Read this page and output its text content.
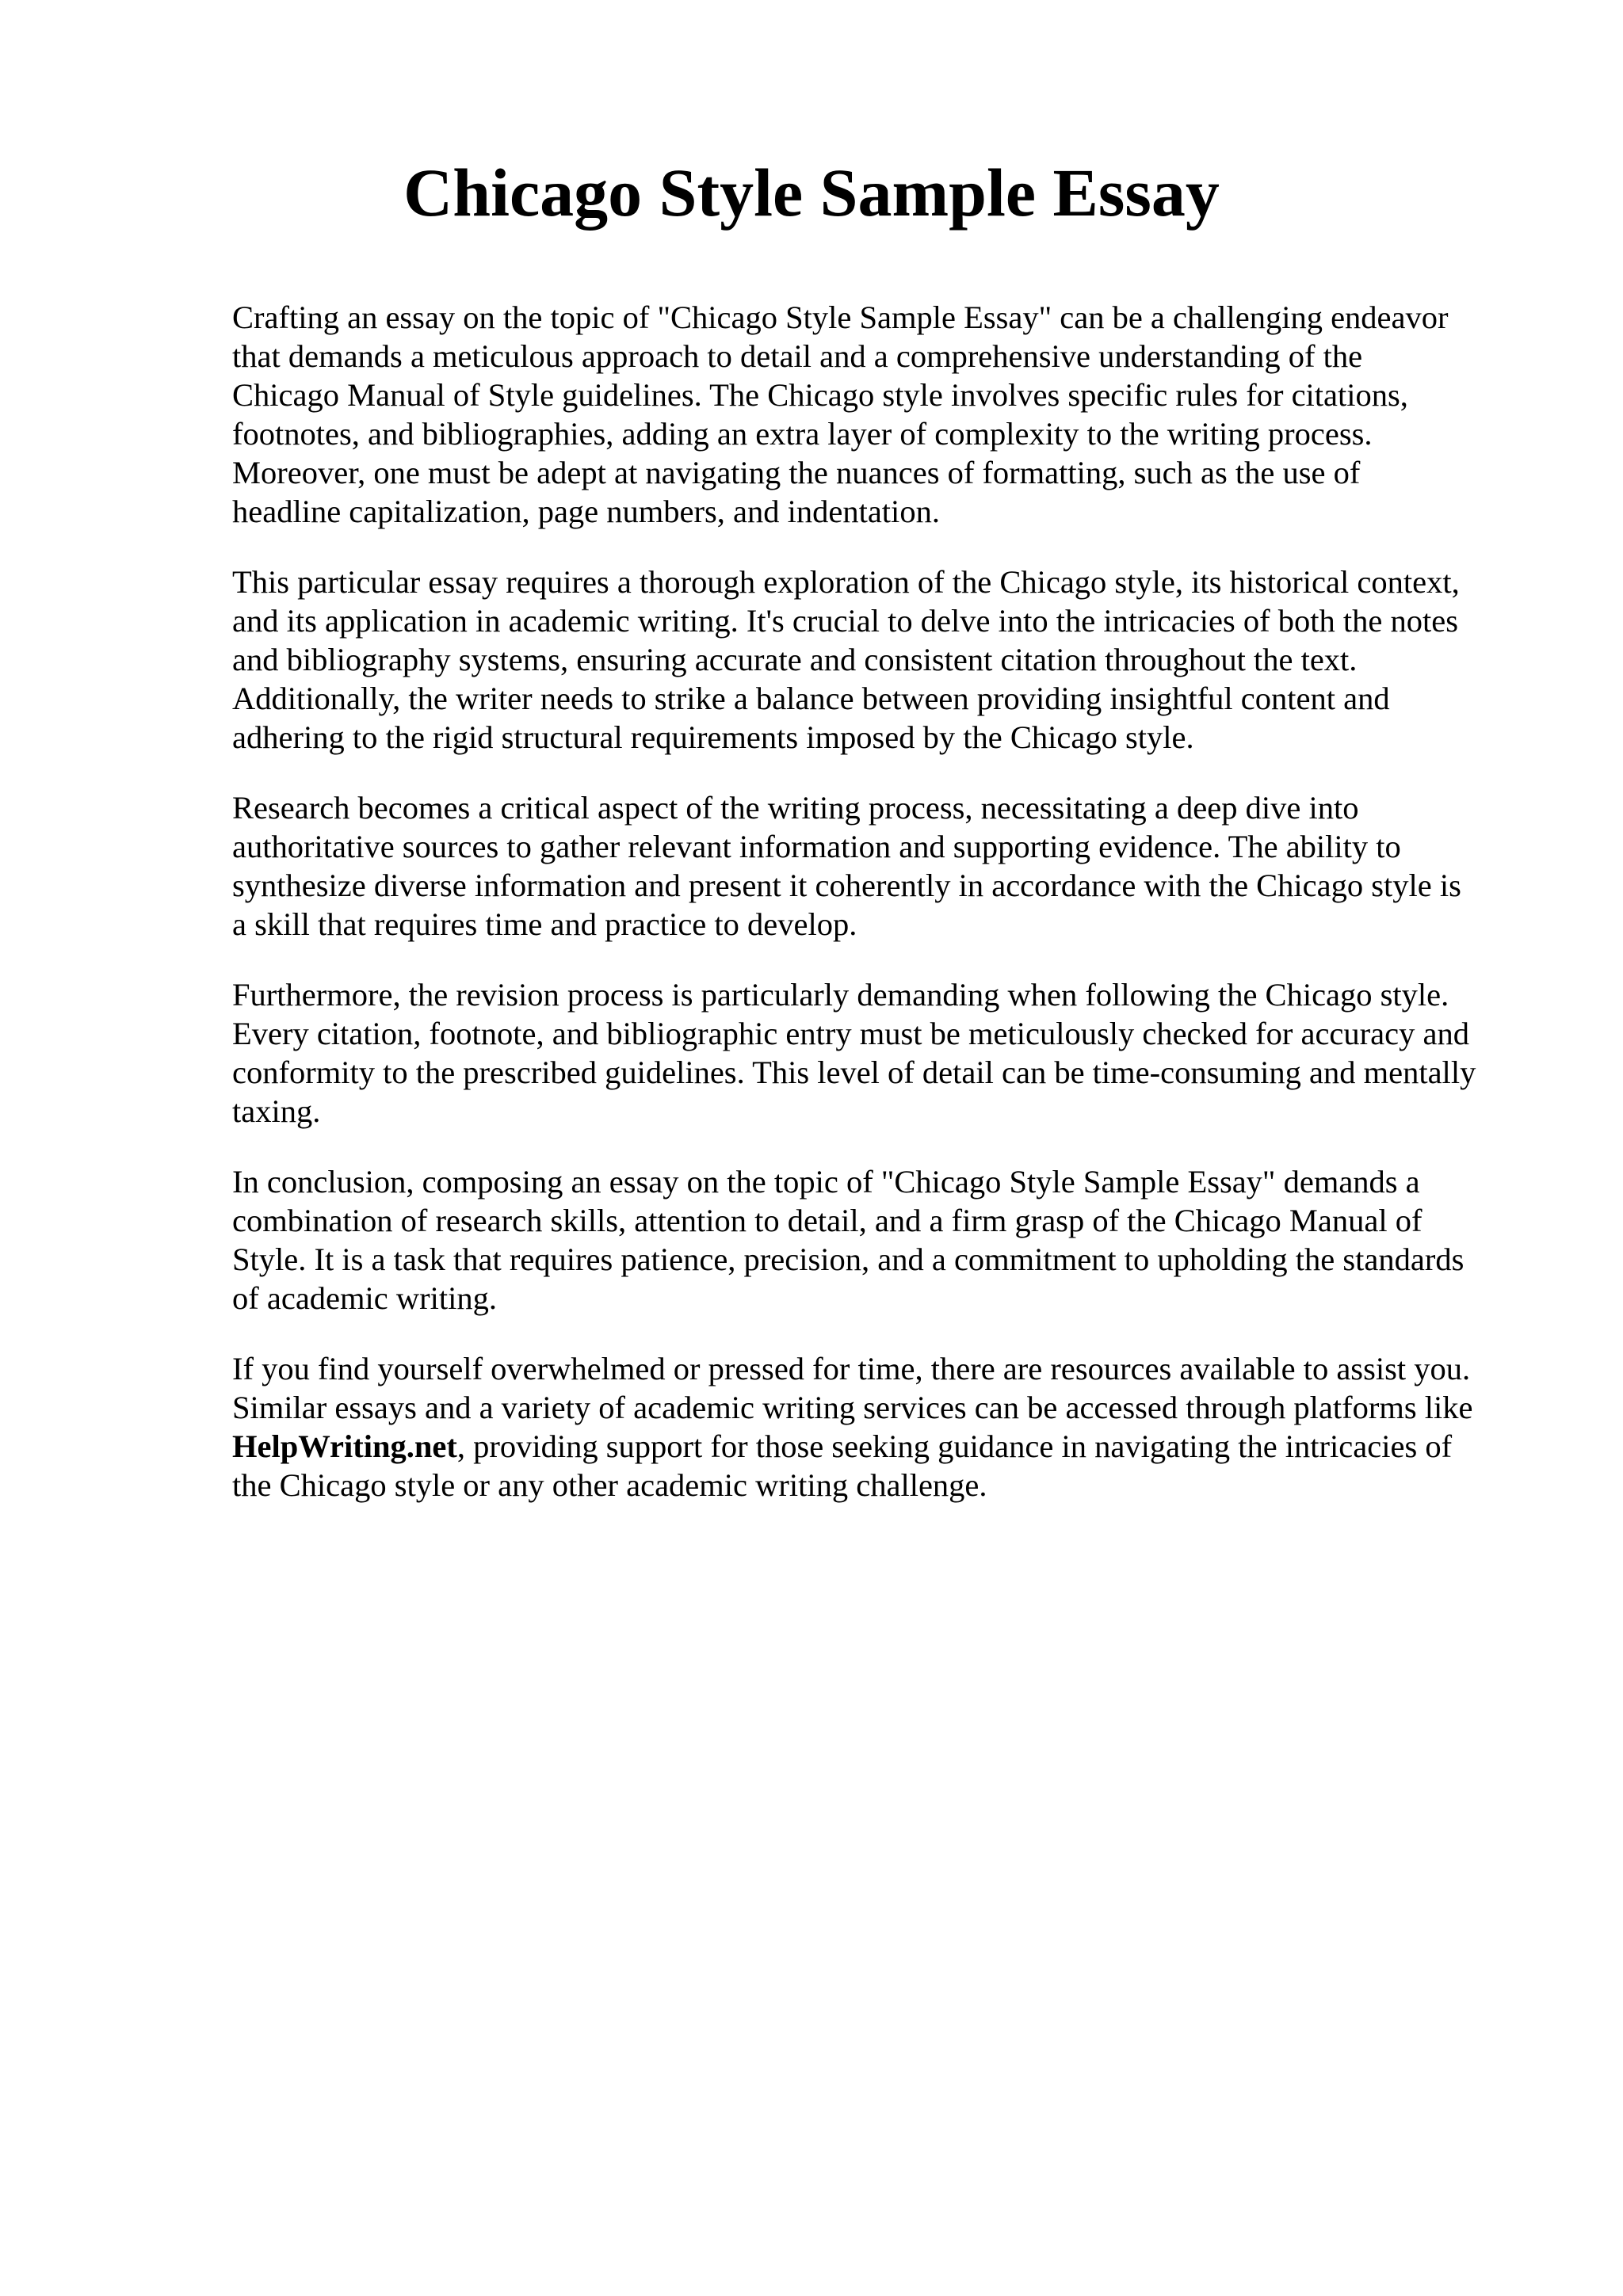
Chicago Style Sample Essay

Crafting an essay on the topic of "Chicago Style Sample Essay" can be a challenging endeavor
that demands a meticulous approach to detail and a comprehensive understanding of the
Chicago Manual of Style guidelines. The Chicago style involves specific rules for citations,
footnotes, and bibliographies, adding an extra layer of complexity to the writing process.
Moreover, one must be adept at navigating the nuances of formatting, such as the use of
headline capitalization, page numbers, and indentation.

This particular essay requires a thorough exploration of the Chicago style, its historical context,
and its application in academic writing. It's crucial to delve into the intricacies of both the notes
and bibliography systems, ensuring accurate and consistent citation throughout the text.
Additionally, the writer needs to strike a balance between providing insightful content and
adhering to the rigid structural requirements imposed by the Chicago style.

Research becomes a critical aspect of the writing process, necessitating a deep dive into
authoritative sources to gather relevant information and supporting evidence. The ability to
synthesize diverse information and present it coherently in accordance with the Chicago style is
a skill that requires time and practice to develop.

Furthermore, the revision process is particularly demanding when following the Chicago style.
Every citation, footnote, and bibliographic entry must be meticulously checked for accuracy and
conformity to the prescribed guidelines. This level of detail can be time-consuming and mentally
taxing.

In conclusion, composing an essay on the topic of "Chicago Style Sample Essay" demands a
combination of research skills, attention to detail, and a firm grasp of the Chicago Manual of
Style. It is a task that requires patience, precision, and a commitment to upholding the standards
of academic writing.

If you find yourself overwhelmed or pressed for time, there are resources available to assist you.
Similar essays and a variety of academic writing services can be accessed through platforms like
HelpWriting.net, providing support for those seeking guidance in navigating the intricacies of
the Chicago style or any other academic writing challenge.
